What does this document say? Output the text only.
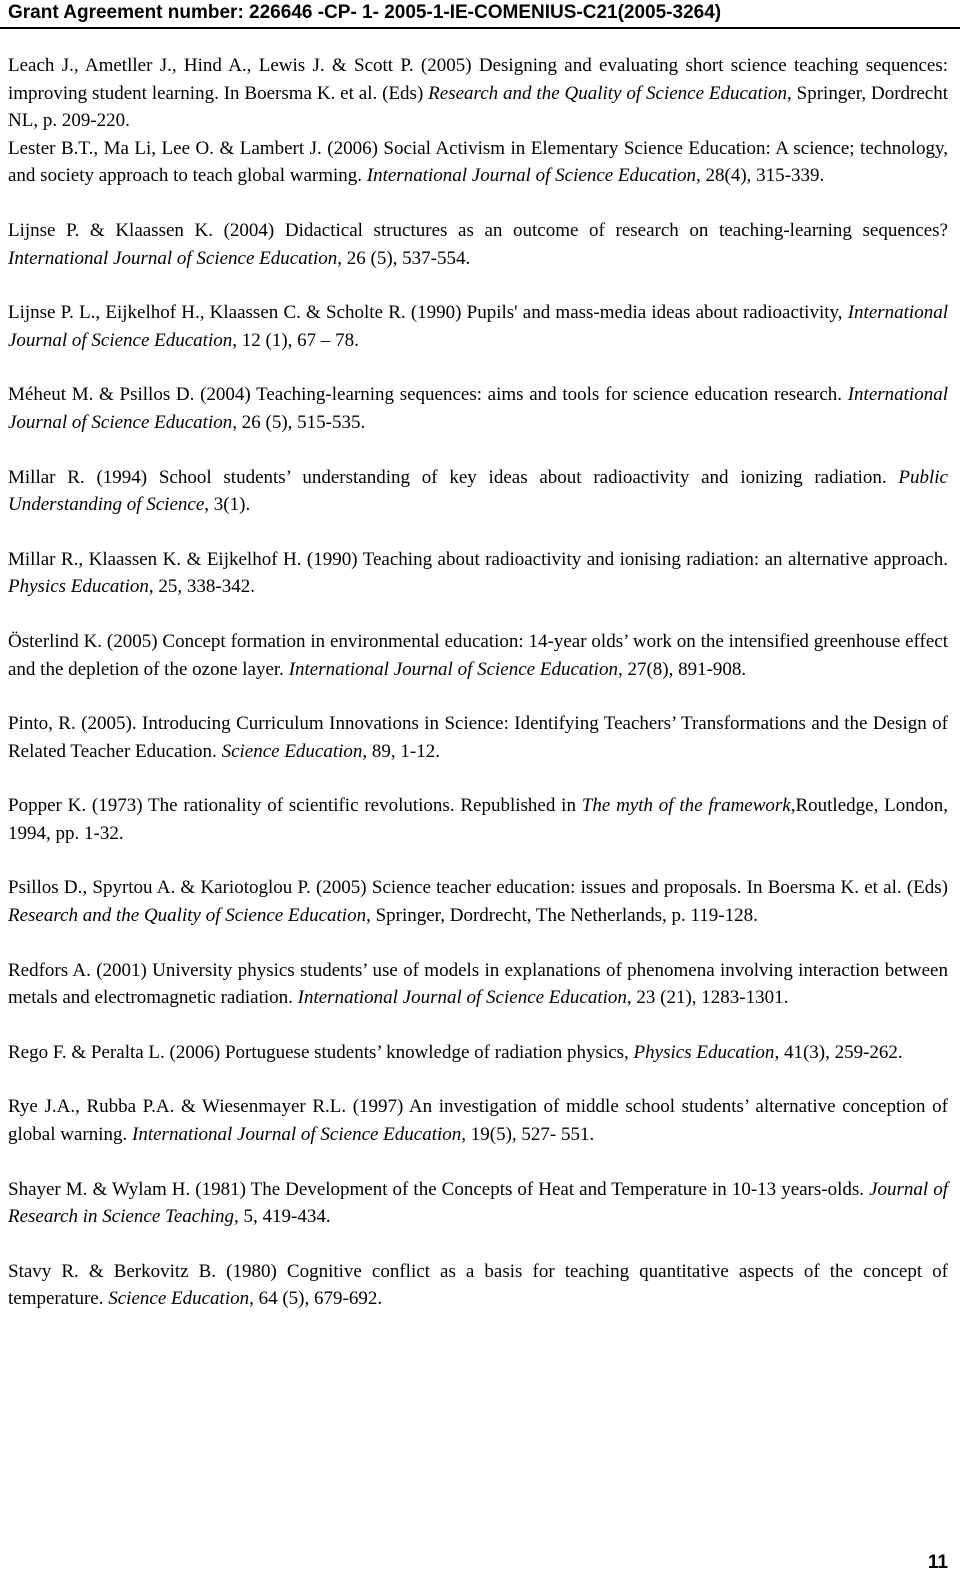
Grant Agreement number: 226646 -CP- 1- 2005-1-IE-COMENIUS-C21(2005-3264)

Leach J., Ametller J., Hind A., Lewis J. & Scott P. (2005) Designing and evaluating short science teaching sequences: improving student learning. In Boersma K. et al. (Eds) Research and the Quality of Science Education, Springer, Dordrecht NL, p. 209-220.

Lester B.T., Ma Li, Lee O. & Lambert J. (2006) Social Activism in Elementary Science Education: A science; technology, and society approach to teach global warming. International Journal of Science Education, 28(4), 315-339.

Lijnse P. & Klaassen K. (2004) Didactical structures as an outcome of research on teaching-learning sequences? International Journal of Science Education, 26 (5), 537-554.

Lijnse P. L., Eijkelhof H., Klaassen C. & Scholte R. (1990) Pupils' and mass-media ideas about radioactivity, International Journal of Science Education, 12 (1), 67 – 78.

Méheut M. & Psillos D. (2004) Teaching-learning sequences: aims and tools for science education research. International Journal of Science Education, 26 (5), 515-535.

Millar R. (1994) School students’ understanding of key ideas about radioactivity and ionizing radiation. Public Understanding of Science, 3(1).

Millar R., Klaassen K. & Eijkelhof H. (1990) Teaching about radioactivity and ionising radiation: an alternative approach. Physics Education, 25, 338-342.

Österlind K. (2005) Concept formation in environmental education: 14-year olds’ work on the intensified greenhouse effect and the depletion of the ozone layer. International Journal of Science Education, 27(8), 891-908.

Pinto, R. (2005). Introducing Curriculum Innovations in Science: Identifying Teachers’ Transformations and the Design of Related Teacher Education. Science Education, 89, 1-12.

Popper K. (1973) The rationality of scientific revolutions. Republished in The myth of the framework,Routledge, London, 1994, pp. 1-32.

Psillos D., Spyrtou A. & Kariotoglou P. (2005) Science teacher education: issues and proposals. In Boersma K. et al. (Eds) Research and the Quality of Science Education, Springer, Dordrecht, The Netherlands, p. 119-128.

Redfors A. (2001) University physics students’ use of models in explanations of phenomena involving interaction between metals and electromagnetic radiation. International Journal of Science Education, 23 (21), 1283-1301.

Rego F. & Peralta L. (2006) Portuguese students’ knowledge of radiation physics, Physics Education, 41(3), 259-262.

Rye J.A., Rubba P.A. & Wiesenmayer R.L. (1997) An investigation of middle school students’ alternative conception of global warning. International Journal of Science Education, 19(5), 527- 551.

Shayer M. & Wylam H. (1981) The Development of the Concepts of Heat and Temperature in 10-13 years-olds. Journal of Research in Science Teaching, 5, 419-434.

Stavy R. & Berkovitz B. (1980) Cognitive conflict as a basis for teaching quantitative aspects of the concept of temperature. Science Education, 64 (5), 679-692.

11
